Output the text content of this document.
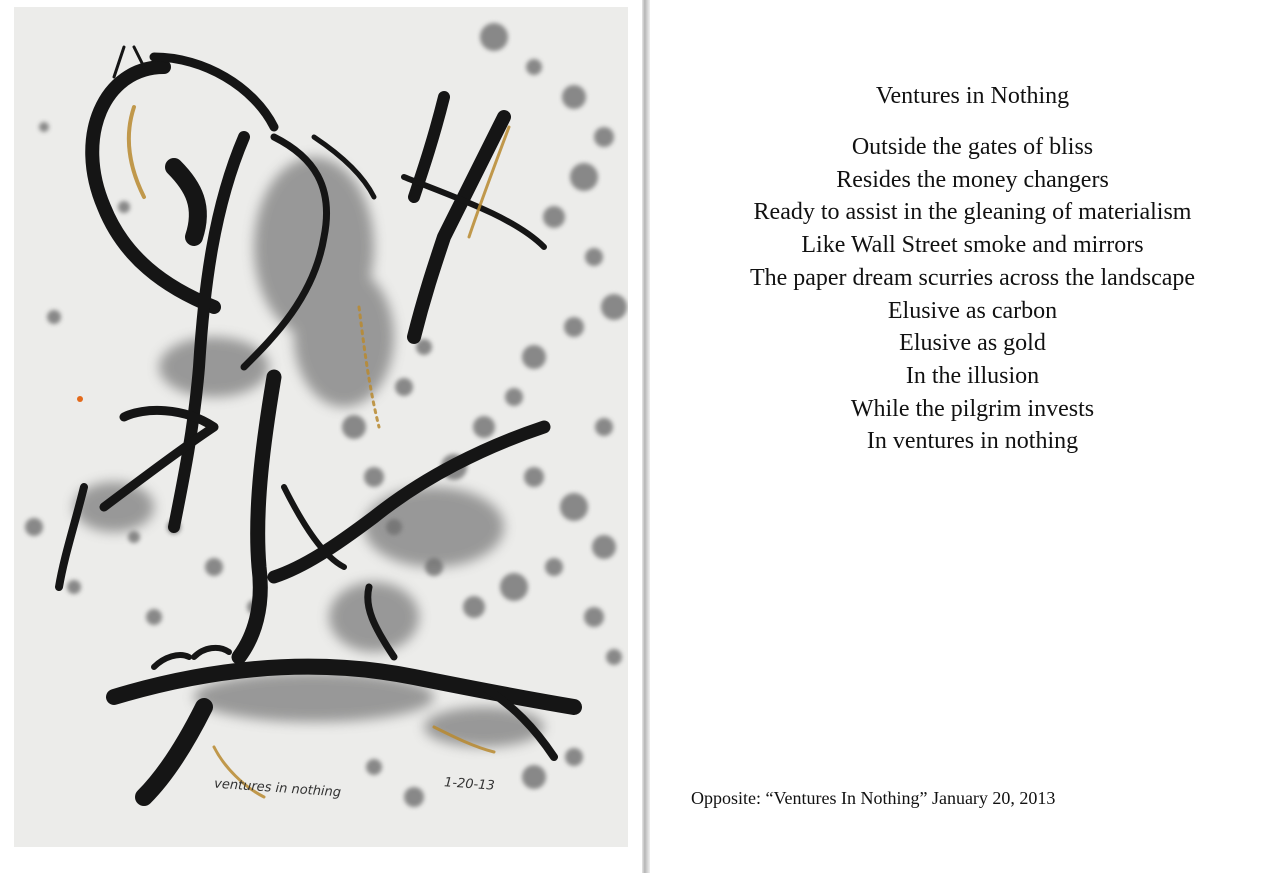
ventures in nothing	1-20-13
Ventures in Nothing
Outside the gates of bliss
Resides the money changers
Ready to assist in the gleaning of materialism
Like Wall Street smoke and mirrors
The paper dream scurries across the landscape
Elusive as carbon
Elusive as gold
In the illusion
While the pilgrim invests
In ventures in nothing
Opposite: “Ventures In Nothing” January 20, 2013
